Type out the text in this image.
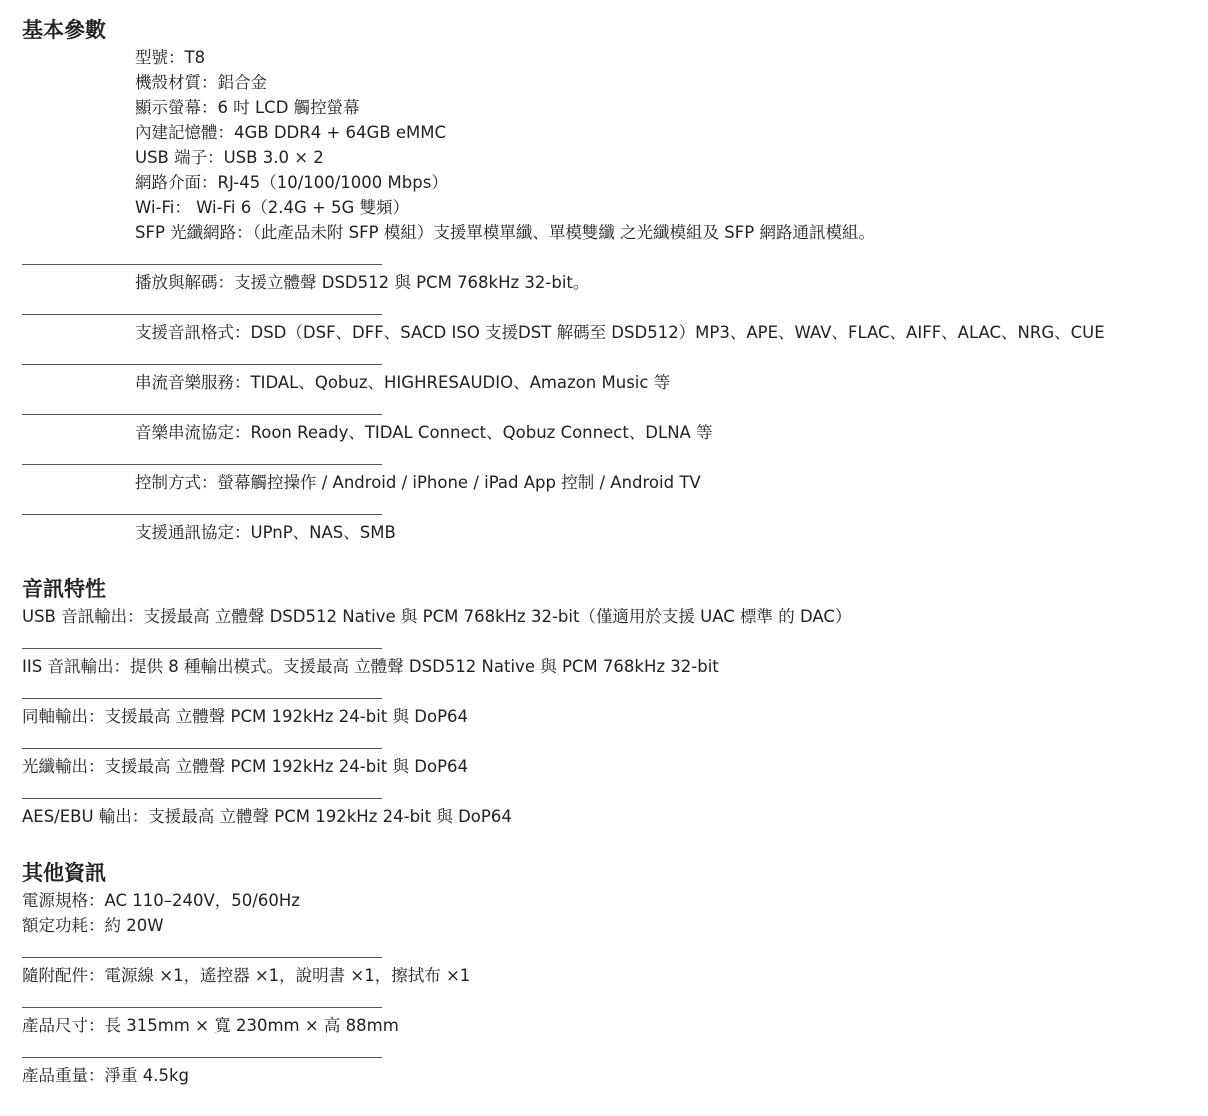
基本參數
型號：T8
機殼材質：鋁合金
顯示螢幕：6 吋 LCD 觸控螢幕
內建記憶體：4GB DDR4 + 64GB eMMC
USB 端子：USB 3.0 × 2
網路介面：RJ-45（10/100/1000 Mbps）
Wi-Fi： Wi-Fi 6（2.4G + 5G 雙頻）
SFP 光纖網路：（此產品未附 SFP 模組）支援單模單纖、單模雙纖 之光纖模組及 SFP 網路通訊模組。
播放與解碼：支援立體聲 DSD512 與 PCM 768kHz 32-bit。
支援音訊格式：DSD（DSF、DFF、SACD ISO 支援DST 解碼至 DSD512）MP3、APE、WAV、FLAC、AIFF、ALAC、NRG、CUE
串流音樂服務：TIDAL、Qobuz、HIGHRESAUDIO、Amazon Music 等
音樂串流協定：Roon Ready、TIDAL Connect、Qobuz Connect、DLNA 等
控制方式：螢幕觸控操作 / Android / iPhone / iPad App 控制 / Android TV
支援通訊協定：UPnP、NAS、SMB
音訊特性
USB 音訊輸出：支援最高 立體聲 DSD512 Native 與 PCM 768kHz 32-bit（僅適用於支援 UAC 標準 的 DAC）
IIS 音訊輸出：提供 8 種輸出模式。支援最高 立體聲 DSD512 Native 與 PCM 768kHz 32-bit
同軸輸出：支援最高 立體聲 PCM 192kHz 24-bit 與 DoP64
光纖輸出：支援最高 立體聲 PCM 192kHz 24-bit 與 DoP64
AES/EBU 輸出：支援最高 立體聲 PCM 192kHz 24-bit 與 DoP64
其他資訊
電源規格：AC 110–240V，50/60Hz
額定功耗：約 20W
隨附配件：電源線 ×1，遙控器 ×1，說明書 ×1，擦拭布 ×1
產品尺寸：長 315mm × 寬 230mm × 高 88mm
產品重量：淨重 4.5kg
